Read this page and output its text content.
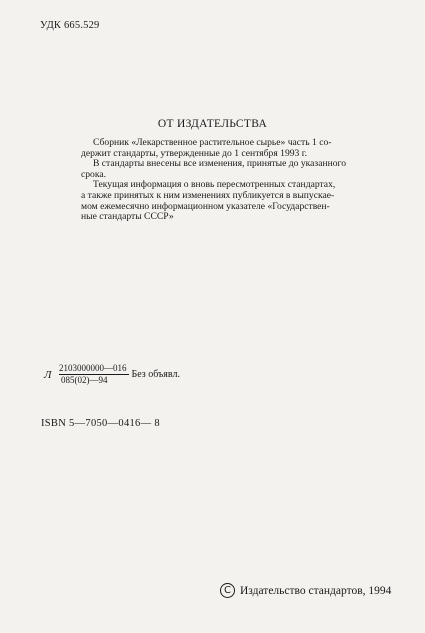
УДК 665.529
ОТ ИЗДАТЕЛЬСТВА
Сборник «Лекарственное растительное сырье» часть 1 со-
держит стандарты, утвержденные до 1 сентября 1993 г.
В стандарты внесены все изменения, принятые до указанного
срока.
Текущая информация о вновь пересмотренных стандартах,
а также принятых к ним изменениях публикуется в выпускае-
мом ежемесячно информационном указателе «Государствен-
ные стандарты СССР»
Л $\frac{2103000000—016}{085(02)—94}$ Без объявл.
ISBN 5—7050—0416— 8
C Издательство стандартов, 1994
